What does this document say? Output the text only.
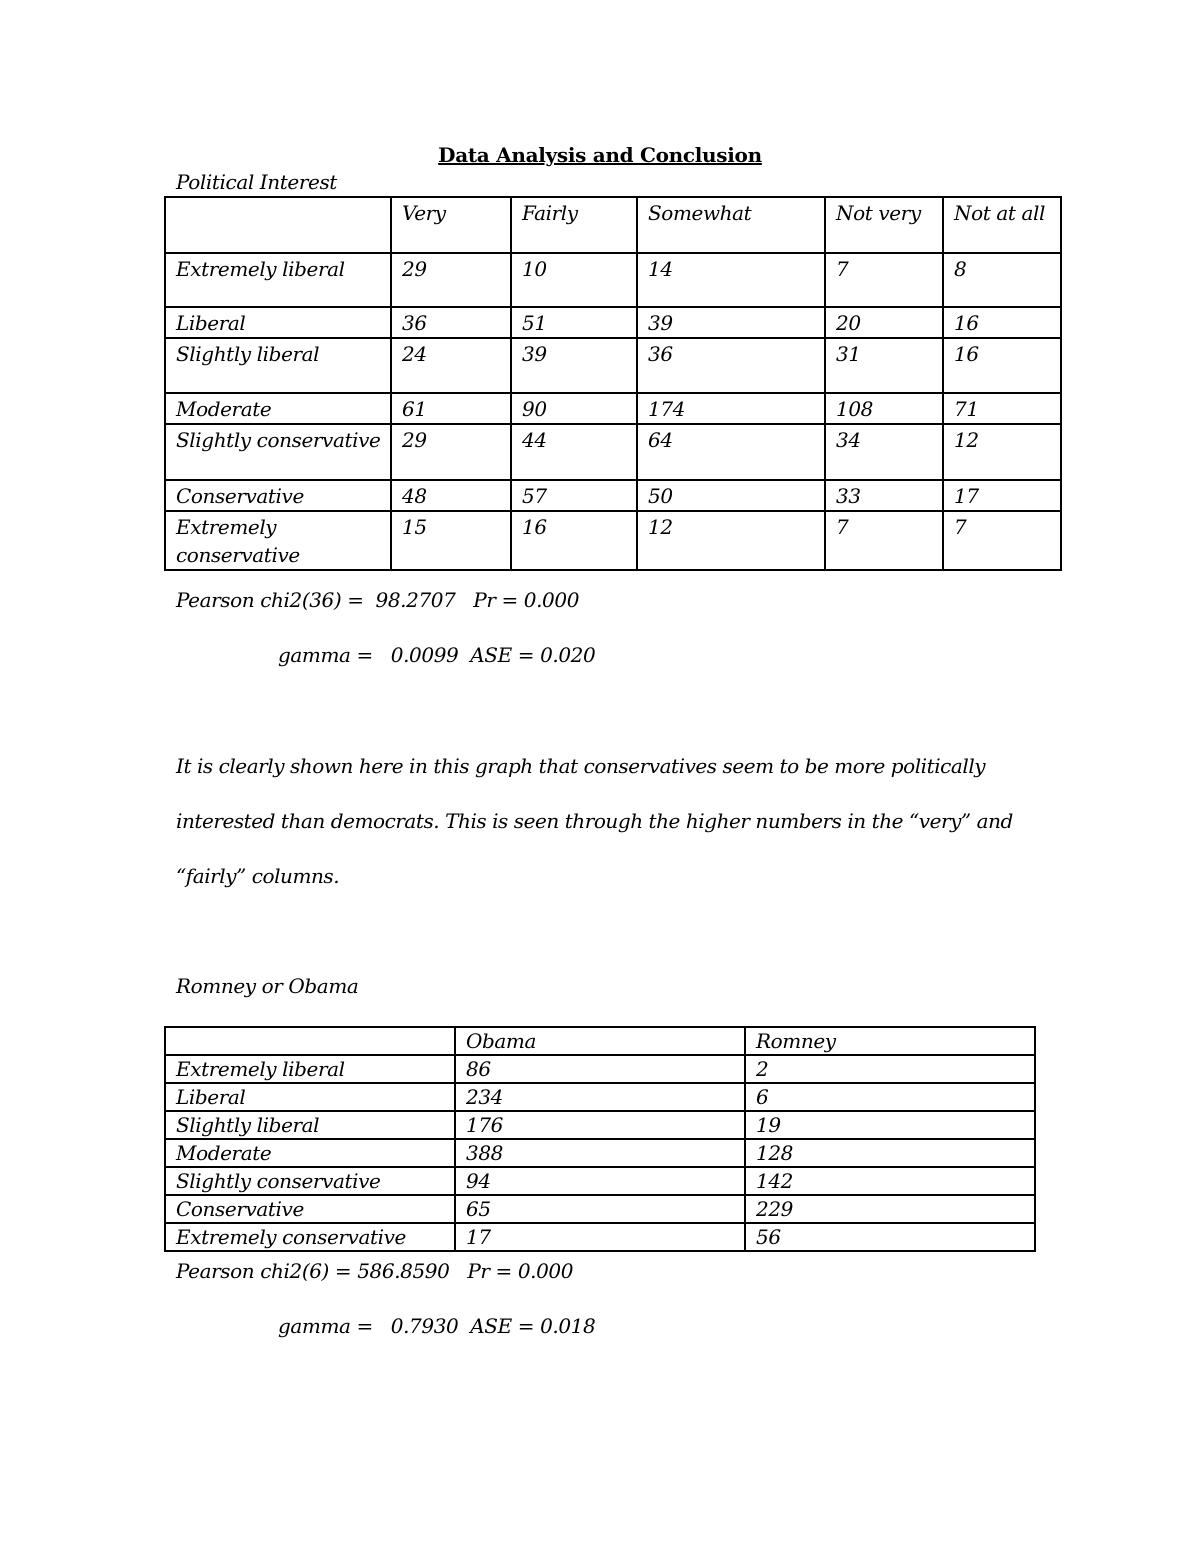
Data Analysis and Conclusion
Political Interest
	Very	Fairly	Somewhat	Not very	Not at all
Extremely liberal	29	10	14	7	8
Liberal	36	51	39	20	16
Slightly liberal	24	39	36	31	16
Moderate	61	90	174	108	71
Slightly conservative	29	44	64	34	12
Conservative	48	57	50	33	17
Extremely conservative	15	16	12	7	7
Pearson chi2(36) =  98.2707   Pr = 0.000
gamma =   0.0099  ASE = 0.020
It is clearly shown here in this graph that conservatives seem to be more politically
interested than democrats. This is seen through the higher numbers in the “very” and
“fairly” columns.
Romney or Obama
	Obama	Romney
Extremely liberal	86	2
Liberal	234	6
Slightly liberal	176	19
Moderate	388	128
Slightly conservative	94	142
Conservative	65	229
Extremely conservative	17	56
Pearson chi2(6) = 586.8590   Pr = 0.000
gamma =   0.7930  ASE = 0.018
